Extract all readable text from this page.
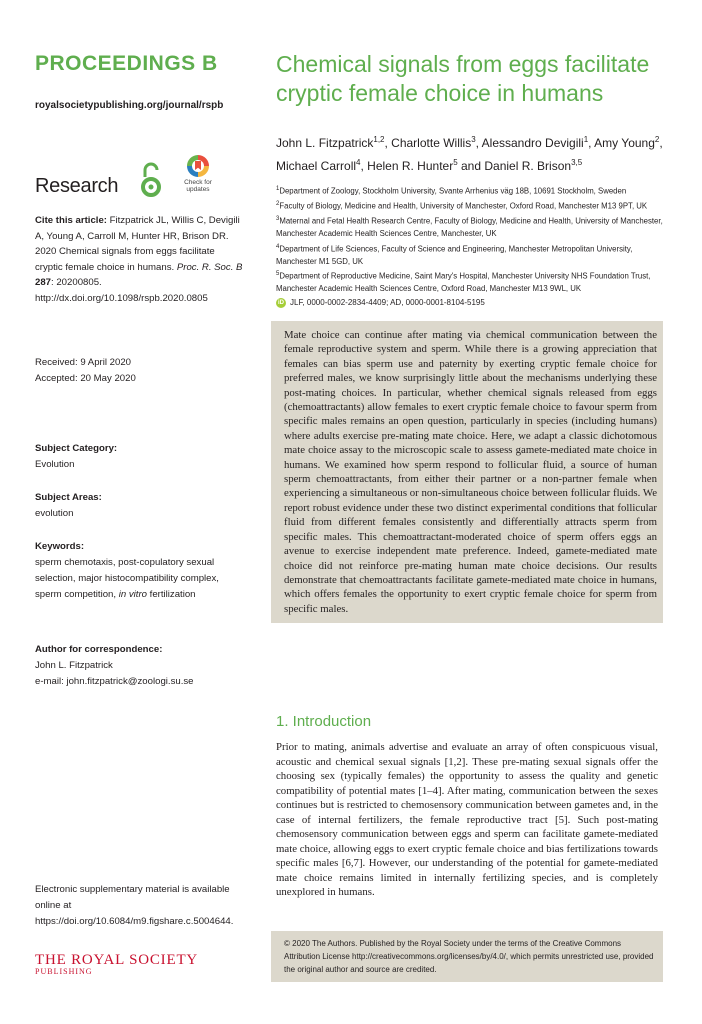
PROCEEDINGS B
royalsocietypublishing.org/journal/rspb
Research	Check for updates
Cite this article: Fitzpatrick JL, Willis C, Devigili A, Young A, Carroll M, Hunter HR, Brison DR. 2020 Chemical signals from eggs facilitate cryptic female choice in humans. Proc. R. Soc. B 287: 20200805.
http://dx.doi.org/10.1098/rspb.2020.0805
Received: 9 April 2020
Accepted: 20 May 2020
Subject Category:
Evolution
Subject Areas:
evolution
Keywords:
sperm chemotaxis, post-copulatory sexual selection, major histocompatibility complex, sperm competition, in vitro fertilization
Author for correspondence:
John L. Fitzpatrick
e-mail: john.fitzpatrick@zoologi.su.se
Electronic supplementary material is available online at https://doi.org/10.6084/m9.figshare.c.5004644.
THE ROYAL SOCIETY
PUBLISHING
Chemical signals from eggs facilitate cryptic female choice in humans
John L. Fitzpatrick$^{1,2}$, Charlotte Willis$^3$, Alessandro Devigili$^1$, Amy Young$^2$, Michael Carroll$^4$, Helen R. Hunter$^5$ and Daniel R. Brison$^{3,5}$
$^1$Department of Zoology, Stockholm University, Svante Arrhenius väg 18B, 10691 Stockholm, Sweden
$^2$Faculty of Biology, Medicine and Health, University of Manchester, Oxford Road, Manchester M13 9PT, UK
$^3$Maternal and Fetal Health Research Centre, Faculty of Biology, Medicine and Health, University of Manchester, Manchester Academic Health Sciences Centre, Manchester, UK
$^4$Department of Life Sciences, Faculty of Science and Engineering, Manchester Metropolitan University, Manchester M1 5GD, UK
$^5$Department of Reproductive Medicine, Saint Mary's Hospital, Manchester University NHS Foundation Trust, Manchester Academic Health Sciences Centre, Oxford Road, Manchester M13 9WL, UK
iD JLF, 0000-0002-2834-4409; AD, 0000-0001-8104-5195
Mate choice can continue after mating via chemical communication between the female reproductive system and sperm. While there is a growing appreciation that females can bias sperm use and paternity by exerting cryptic female choice for preferred males, we know surprisingly little about the mechanisms underlying these post-mating choices. In particular, whether chemical signals released from eggs (chemoattractants) allow females to exert cryptic female choice to favour sperm from specific males remains an open question, particularly in species (including humans) where adults exercise pre-mating mate choice. Here, we adapt a classic dichotomous mate choice assay to the microscopic scale to assess gamete-mediated mate choice in humans. We examined how sperm respond to follicular fluid, a source of human sperm chemoattractants, from either their partner or a non-partner female when experiencing a simultaneous or non-simultaneous choice between follicular fluids. We report robust evidence under these two distinct experimental conditions that follicular fluid from different females consistently and differentially attracts sperm from specific males. This chemoattractant-moderated choice of sperm offers eggs an avenue to exercise independent mate preference. Indeed, gamete-mediated mate choice did not reinforce pre-mating human mate choice decisions. Our results demonstrate that chemoattractants facilitate gamete-mediated mate choice in humans, which offers females the opportunity to exert cryptic female choice for sperm from specific males.
1. Introduction
Prior to mating, animals advertise and evaluate an array of often conspicuous visual, acoustic and chemical sexual signals [1,2]. These pre-mating sexual signals offer the choosing sex (typically females) the opportunity to assess the quality and genetic compatibility of potential mates [1–4]. After mating, communication between the sexes continues but is restricted to chemosensory communication between gametes and, in the case of internal fertilizers, the female reproductive tract [5]. Such post-mating chemosensory communication between eggs and sperm can facilitate gamete-mediated mate choice, allowing eggs to exert cryptic female choice and bias fertilizations towards specific males [6,7]. However, our understanding of the potential for gamete-mediated mate choice remains limited in internally fertilizing species, and is completely unexplored in humans.
© 2020 The Authors. Published by the Royal Society under the terms of the Creative Commons Attribution License http://creativecommons.org/licenses/by/4.0/, which permits unrestricted use, provided the original author and source are credited.
